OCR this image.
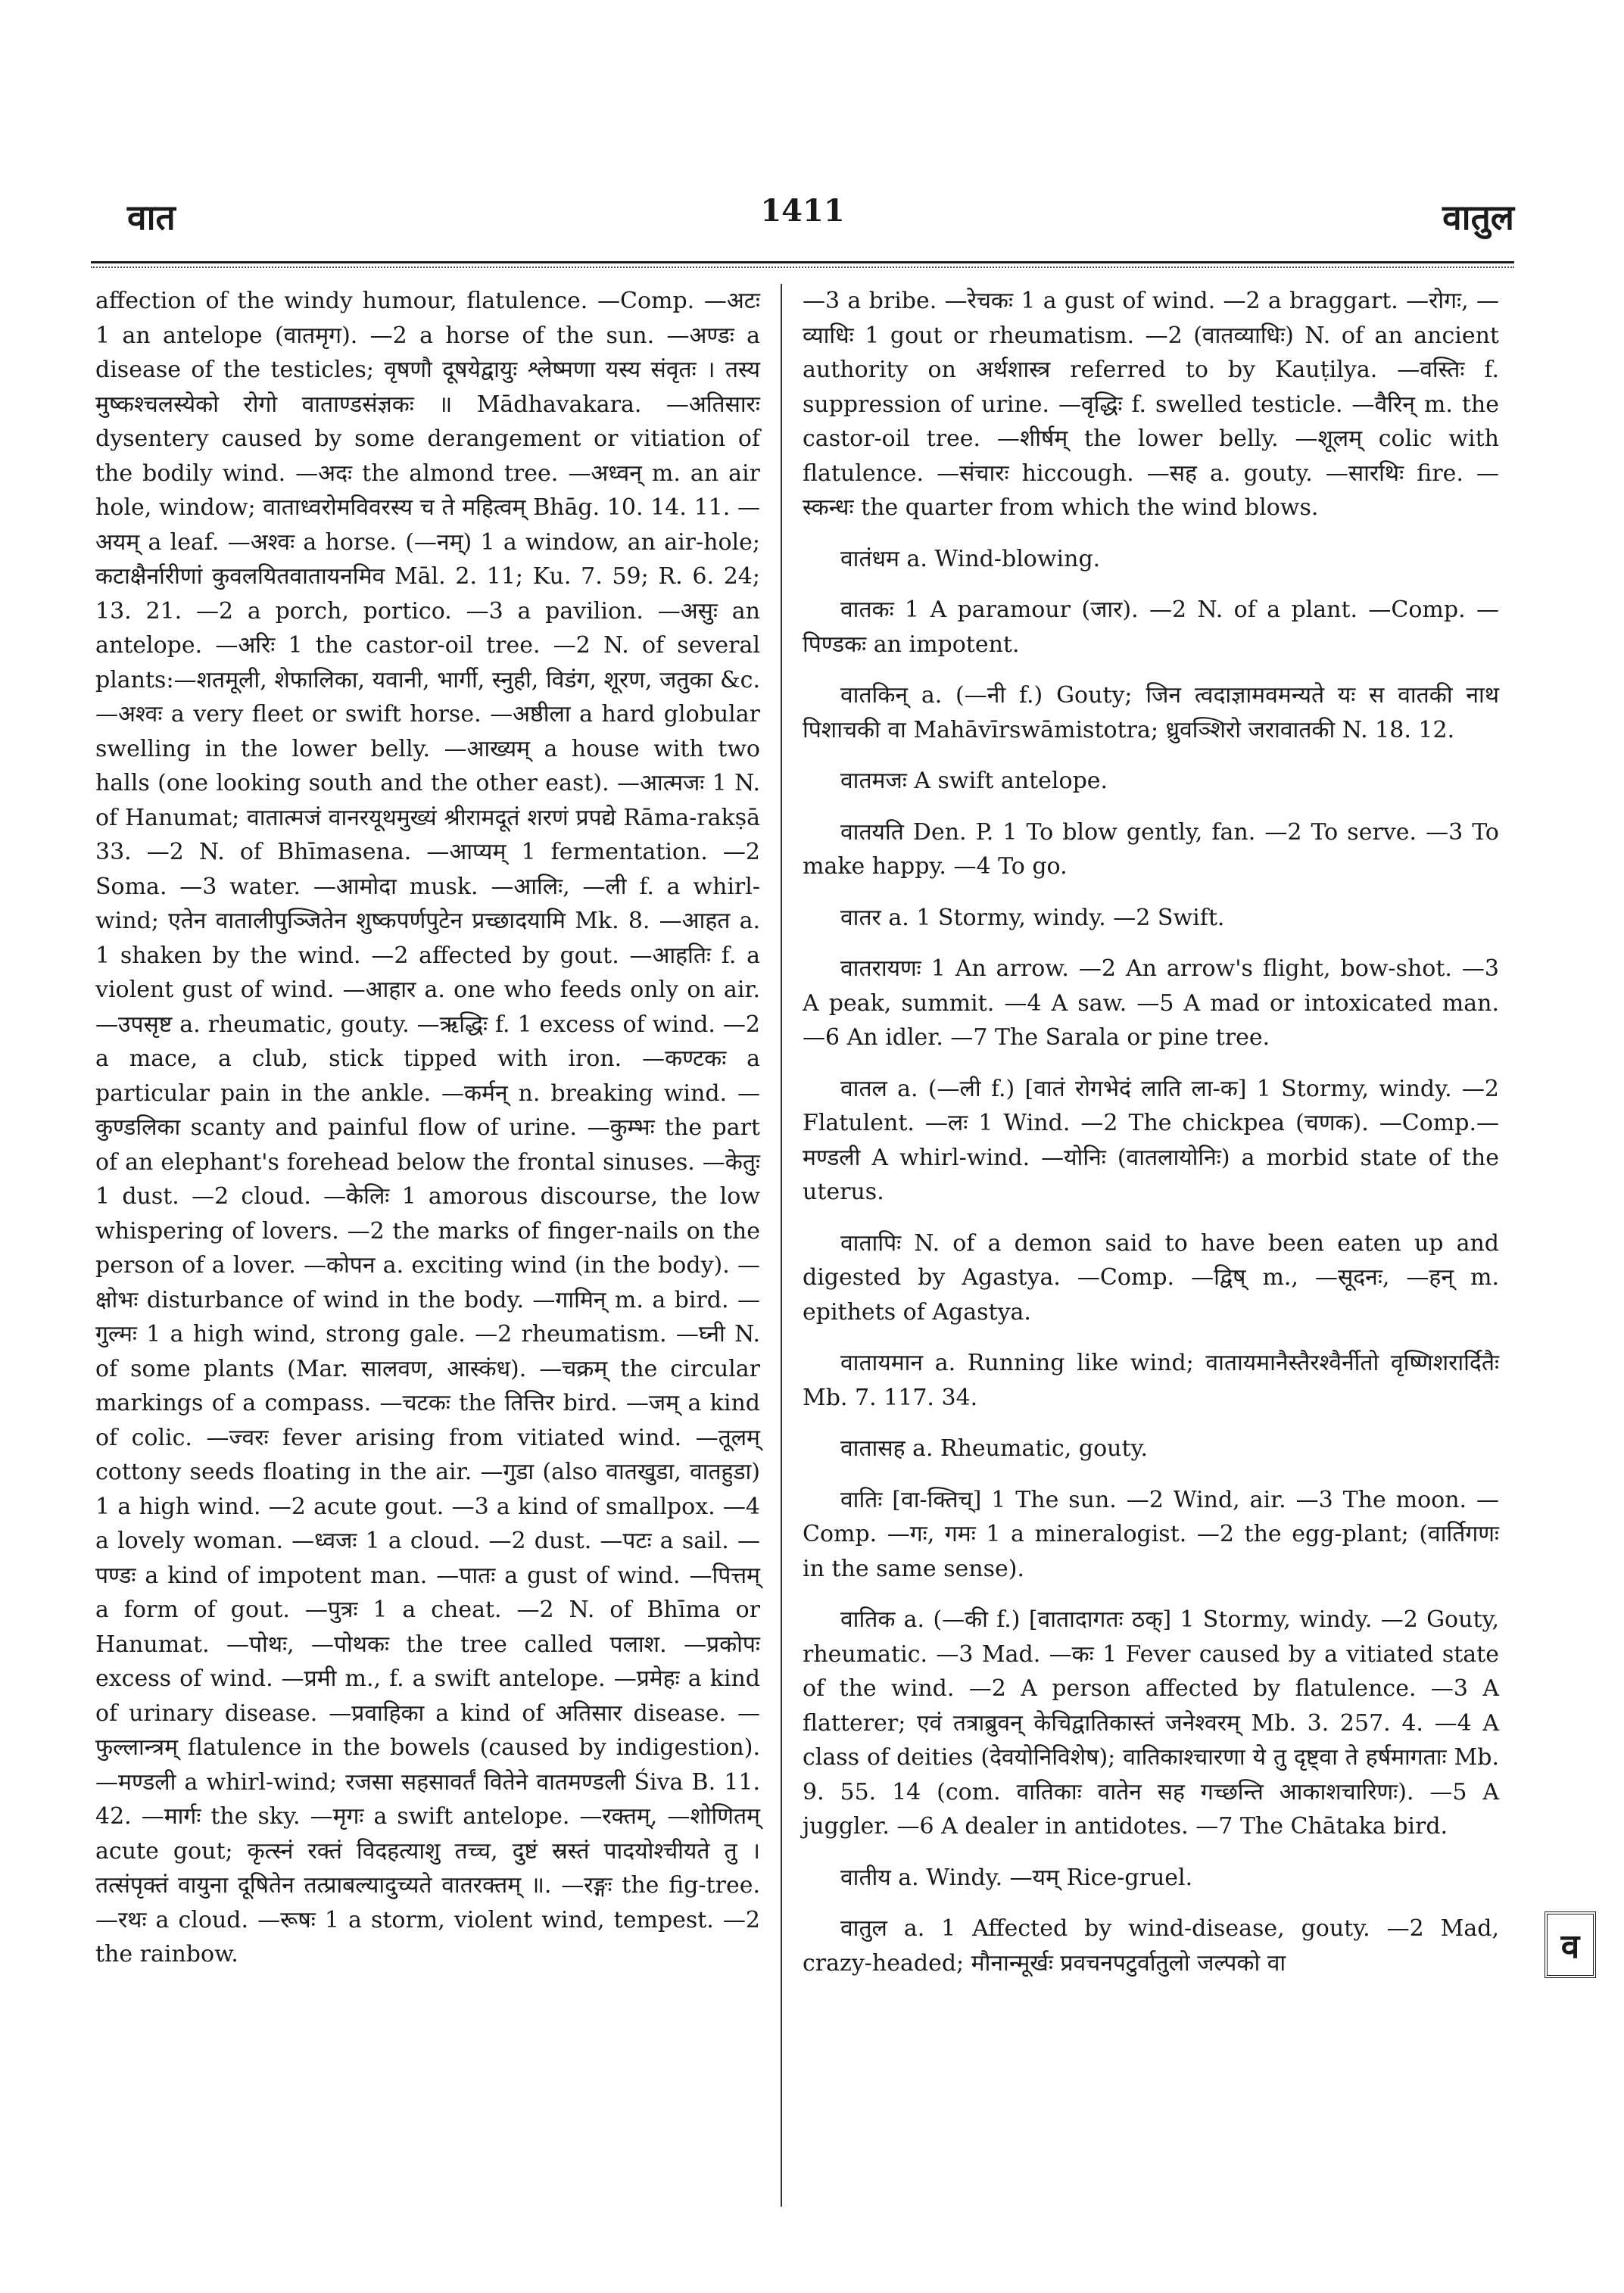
वात	1411	वातुल

affection of the windy humour, flatulence. —Comp. —अटः 1 an antelope (वातमृग). —2 a horse of the sun. —अण्डः a disease of the testicles; वृषणौ दूषयेद्वायुः श्लेष्मणा यस्य संवृतः । तस्य मुष्कश्चलस्येको रोगो वाताण्डसंज्ञकः ॥ Mādhavakara. —अतिसारः dysentery caused by some derangement or vitiation of the bodily wind. —अदः the almond tree. —अध्वन् m. an air hole, window; वाताध्वरोमविवरस्य च ते महित्वम् Bhāg. 10. 14. 11. —अयम् a leaf. —अश्वः a horse. (—नम्) 1 a window, an air-hole; कटाक्षैर्नारीणां कुवलयितवातायनमिव Māl. 2. 11; Ku. 7. 59; R. 6. 24; 13. 21. —2 a porch, portico. —3 a pavilion. —असुः an antelope. —अरिः 1 the castor-oil tree. —2 N. of several plants:—शतमूली, शेफालिका, यवानी, भार्गी, स्नुही, विडंग, शूरण, जतुका &c. —अश्वः a very fleet or swift horse. —अष्ठीला a hard globular swelling in the lower belly. —आख्यम् a house with two halls (one looking south and the other east). —आत्मजः 1 N. of Hanumat; वातात्मजं वानरयूथमुख्यं श्रीरामदूतं शरणं प्रपद्ये Rāma-rakṣā 33. —2 N. of Bhīmasena. —आप्यम् 1 fermentation. —2 Soma. —3 water. —आमोदा musk. —आलिः, —ली f. a whirl-wind; एतेन वातालीपुञ्जितेन शुष्कपर्णपुटेन प्रच्छादयामि Mk. 8. —आहत a. 1 shaken by the wind. —2 affected by gout. —आहतिः f. a violent gust of wind. —आहार a. one who feeds only on air. —उपसृष्ट a. rheumatic, gouty. —ऋद्धिः f. 1 excess of wind. —2 a mace, a club, stick tipped with iron. —कण्टकः a particular pain in the ankle. —कर्मन् n. breaking wind. —कुण्डलिका scanty and painful flow of urine. —कुम्भः the part of an elephant's forehead below the frontal sinuses. —केतुः 1 dust. —2 cloud. —केलिः 1 amorous discourse, the low whispering of lovers. —2 the marks of finger-nails on the person of a lover. —कोपन a. exciting wind (in the body). —क्षोभः disturbance of wind in the body. —गामिन् m. a bird. —गुल्मः 1 a high wind, strong gale. —2 rheumatism. —घ्नी N. of some plants (Mar. सालवण, आस्कंध). —चक्रम् the circular markings of a compass. —चटकः the तित्तिर bird. —जम् a kind of colic. —ज्वरः fever arising from vitiated wind. —तूलम् cottony seeds floating in the air. —गुडा (also वातखुडा, वातहुडा) 1 a high wind. —2 acute gout. —3 a kind of smallpox. —4 a lovely woman. —ध्वजः 1 a cloud. —2 dust. —पटः a sail. —पण्डः a kind of impotent man. —पातः a gust of wind. —पित्तम् a form of gout. —पुत्रः 1 a cheat. —2 N. of Bhīma or Hanumat. —पोथः, —पोथकः the tree called पलाश. —प्रकोपः excess of wind. —प्रमी m., f. a swift antelope. —प्रमेहः a kind of urinary disease. —प्रवाहिका a kind of अतिसार disease. —फुल्लान्त्रम् flatulence in the bowels (caused by indigestion). —मण्डली a whirl-wind; रजसा सहसावर्तं वितेने वातमण्डली Śiva B. 11. 42. —मार्गः the sky. —मृगः a swift antelope. —रक्तम्, —शोणितम् acute gout; कृत्स्नं रक्तं विदहत्याशु तच्च, दुष्टं स्रस्तं पादयोश्चीयते तु । तत्संपृक्तं वायुना दूषितेन तत्प्राबल्यादुच्यते वातरक्तम् ॥. —रङ्गः the fig-tree. —रथः a cloud. —रूषः 1 a storm, violent wind, tempest. —2 the rainbow.

—3 a bribe. —रेचकः 1 a gust of wind. —2 a braggart. —रोगः, —व्याधिः 1 gout or rheumatism. —2 (वातव्याधिः) N. of an ancient authority on अर्थशास्त्र referred to by Kauṭilya. —वस्तिः f. suppression of urine. —वृद्धिः f. swelled testicle. —वैरिन् m. the castor-oil tree. —शीर्षम् the lower belly. —शूलम् colic with flatulence. —संचारः hiccough. —सह a. gouty. —सारथिः fire. —स्कन्धः the quarter from which the wind blows.

वातंधम a. Wind-blowing.

वातकः 1 A paramour (जार). —2 N. of a plant. —Comp. —पिण्डकः an impotent.

वातकिन् a. (—नी f.) Gouty; जिन त्वदाज्ञामवमन्यते यः स वातकी नाथ पिशाचकी वा Mahāvīrswāmistotra; ध्रुवञ्शिरो जरावातकी N. 18. 12.

वातमजः A swift antelope.

वातयति Den. P. 1 To blow gently, fan. —2 To serve. —3 To make happy. —4 To go.

वातर a. 1 Stormy, windy. —2 Swift.

वातरायणः 1 An arrow. —2 An arrow's flight, bow-shot. —3 A peak, summit. —4 A saw. —5 A mad or intoxicated man. —6 An idler. —7 The Sarala or pine tree.

वातल a. (—ली f.) [वातं रोगभेदं लाति ला-क] 1 Stormy, windy. —2 Flatulent. —लः 1 Wind. —2 The chickpea (चणक). —Comp.—मण्डली A whirl-wind. —योनिः (वातलायोनिः) a morbid state of the uterus.

वातापिः N. of a demon said to have been eaten up and digested by Agastya. —Comp. —द्विष् m., —सूदनः, —हन् m. epithets of Agastya.

वातायमान a. Running like wind; वातायमानैस्तैरश्वैर्नीतो वृष्णिशरार्दितैः Mb. 7. 117. 34.

वातासह a. Rheumatic, gouty.

वातिः [वा-क्तिच्] 1 The sun. —2 Wind, air. —3 The moon. —Comp. —गः, गमः 1 a mineralogist. —2 the egg-plant; (वार्तिगणः in the same sense).

वातिक a. (—की f.) [वातादागतः ठक्] 1 Stormy, windy. —2 Gouty, rheumatic. —3 Mad. —कः 1 Fever caused by a vitiated state of the wind. —2 A person affected by flatulence. —3 A flatterer; एवं तत्राब्रुवन् केचिद्वातिकास्तं जनेश्वरम् Mb. 3. 257. 4. —4 A class of deities (देवयोनिविशेष); वातिकाश्चारणा ये तु दृष्ट्वा ते हर्षमागताः Mb. 9. 55. 14 (com. वातिकाः वातेन सह गच्छन्ति आकाशचारिणः). —5 A juggler. —6 A dealer in antidotes. —7 The Chātaka bird.

वातीय a. Windy. —यम् Rice-gruel.

वातुल a. 1 Affected by wind-disease, gouty. —2 Mad, crazy-headed; मौनान्मूर्खः प्रवचनपटुर्वातुलो जल्पको वा	व
